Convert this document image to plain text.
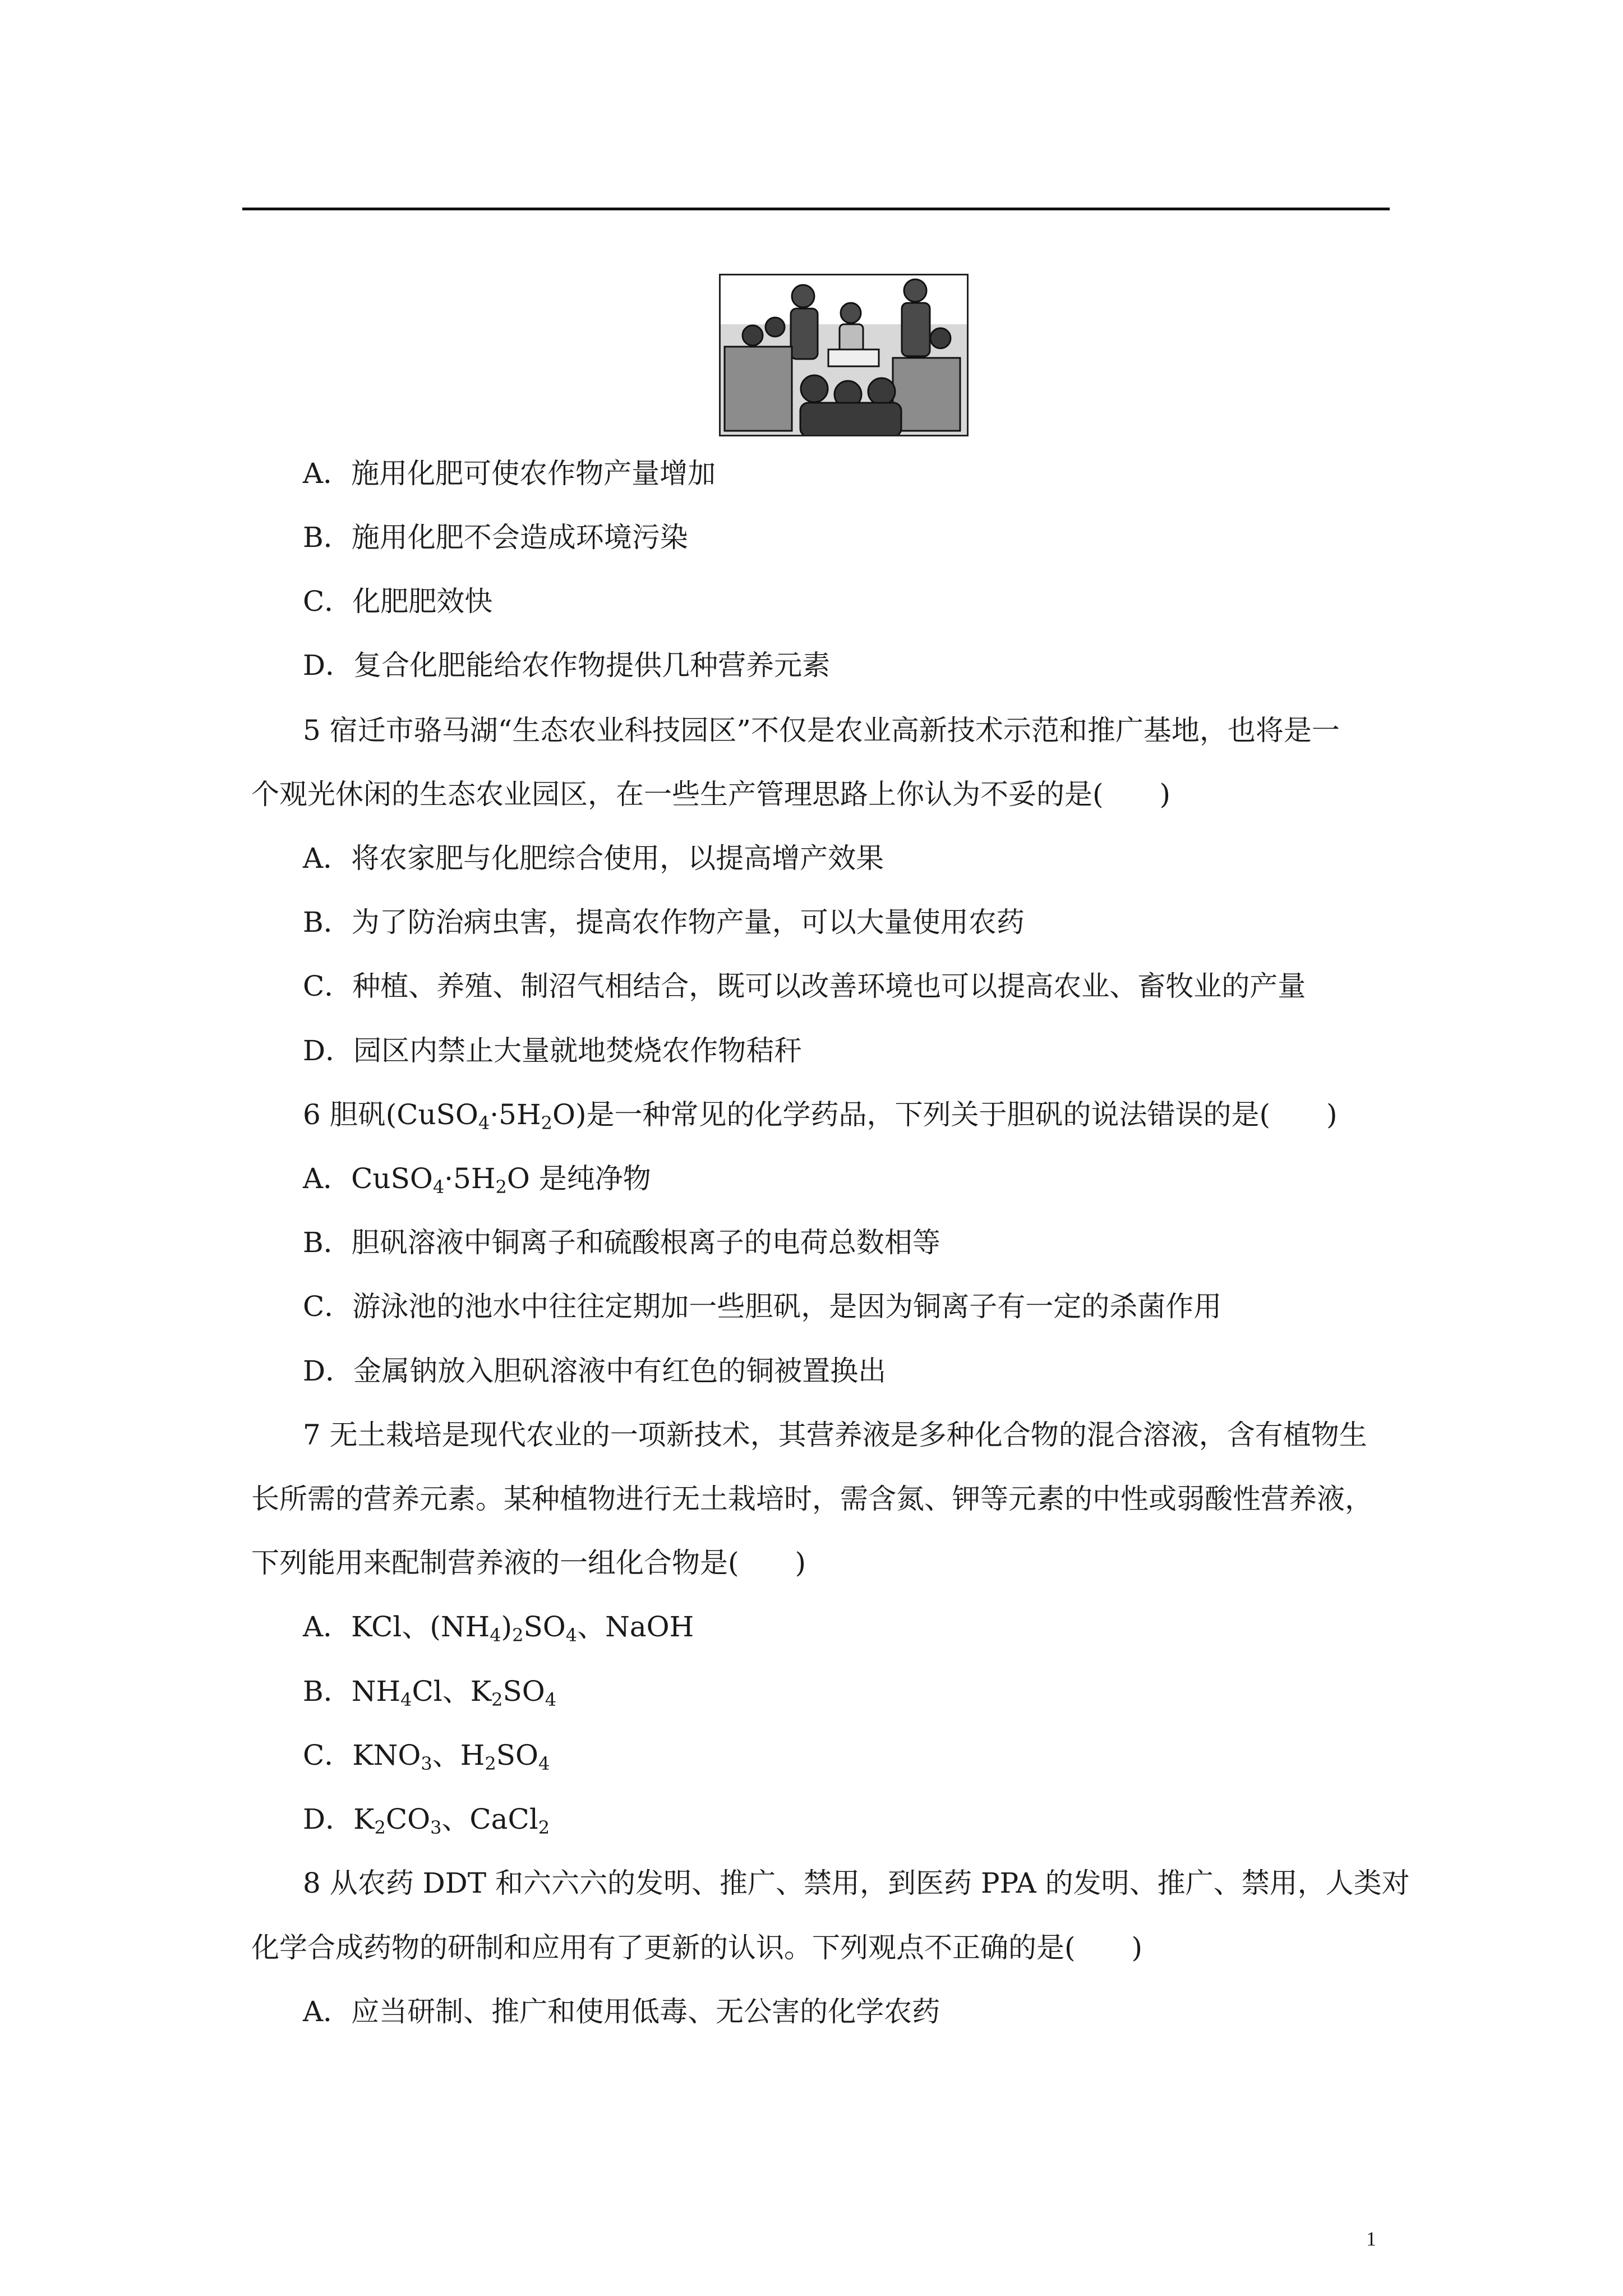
A．施用化肥可使农作物产量增加

B．施用化肥不会造成环境污染

C．化肥肥效快

D．复合化肥能给农作物提供几种营养元素

5 宿迁市骆马湖“生态农业科技园区”不仅是农业高新技术示范和推广基地，也将是一

个观光休闲的生态农业园区，在一些生产管理思路上你认为不妥的是(　　)

A．将农家肥与化肥综合使用，以提高增产效果

B．为了防治病虫害，提高农作物产量，可以大量使用农药

C．种植、养殖、制沼气相结合，既可以改善环境也可以提高农业、畜牧业的产量

D．园区内禁止大量就地焚烧农作物秸秆

6 胆矾$(CuSO_4\cdot 5H_2O)$是一种常见的化学药品，下列关于胆矾的说法错误的是(　　)

A．$CuSO_4\cdot 5H_2O$ 是纯净物

B．胆矾溶液中铜离子和硫酸根离子的电荷总数相等

C．游泳池的池水中往往定期加一些胆矾，是因为铜离子有一定的杀菌作用

D．金属钠放入胆矾溶液中有红色的铜被置换出

7 无土栽培是现代农业的一项新技术，其营养液是多种化合物的混合溶液，含有植物生

长所需的营养元素。某种植物进行无土栽培时，需含氮、钾等元素的中性或弱酸性营养液，

下列能用来配制营养液的一组化合物是(　　)

A．KCl、$(NH_4)_2SO_4$、NaOH

B．$NH_4Cl$、$K_2SO_4$

C．$KNO_3$、$H_2SO_4$

D．$K_2CO_3$、CaCl$_2$

8 从农药 DDT 和六六六的发明、推广、禁用，到医药 PPA 的发明、推广、禁用，人类对

化学合成药物的研制和应用有了更新的认识。下列观点不正确的是(　　)

A．应当研制、推广和使用低毒、无公害的化学农药

1
